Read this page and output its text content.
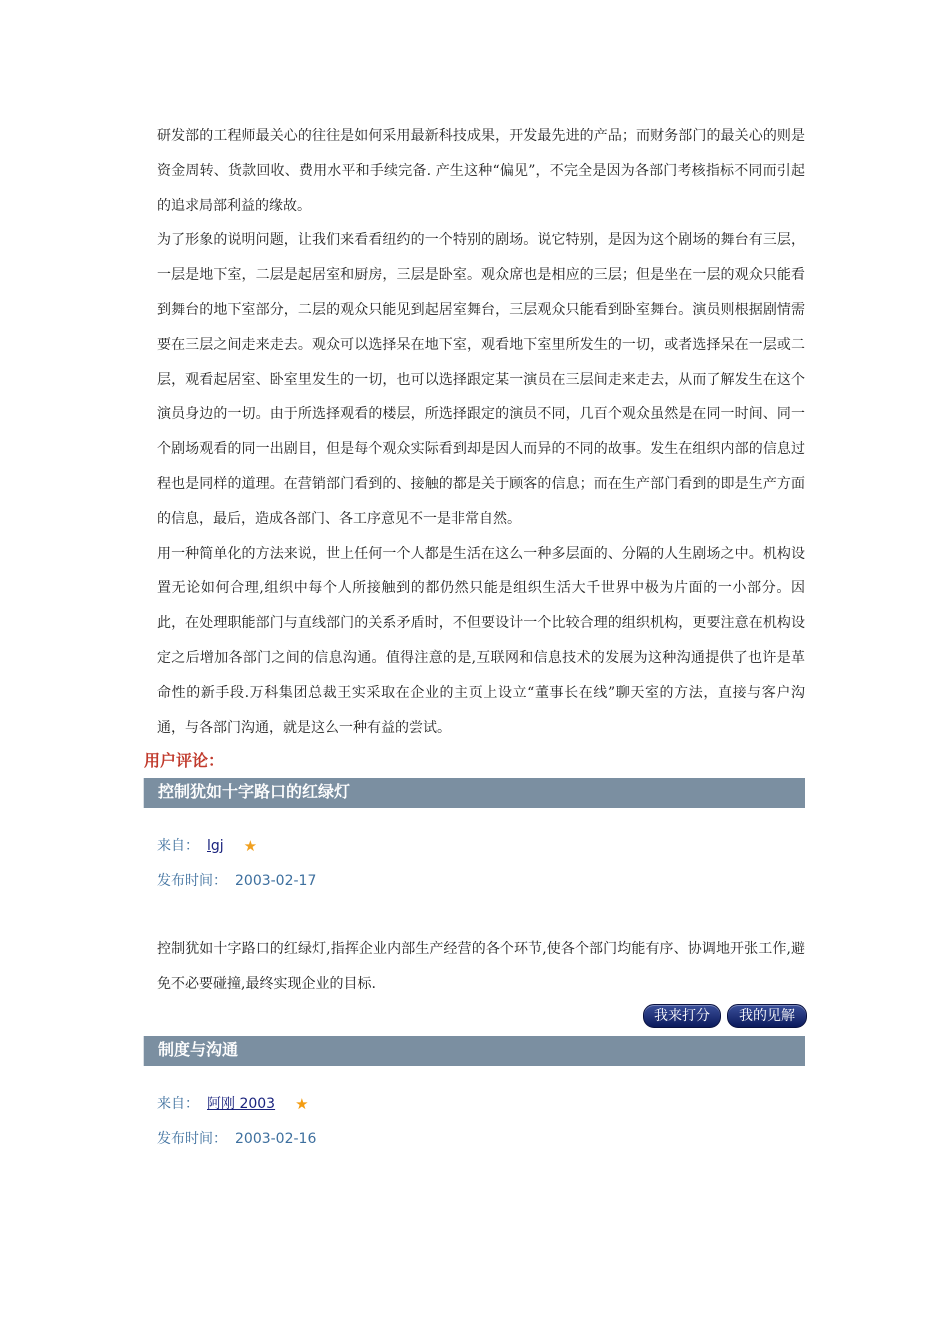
研发部的工程师最关心的往往是如何采用最新科技成果，开发最先进的产品；而财务部门的最关心的则是资金周转、货款回收、费用水平和手续完备. 产生这种“偏见”，不完全是因为各部门考核指标不同而引起的追求局部利益的缘故。

为了形象的说明问题，让我们来看看纽约的一个特别的剧场。说它特别，是因为这个剧场的舞台有三层，一层是地下室，二层是起居室和厨房，三层是卧室。观众席也是相应的三层；但是坐在一层的观众只能看到舞台的地下室部分，二层的观众只能见到起居室舞台，三层观众只能看到卧室舞台。演员则根据剧情需要在三层之间走来走去。观众可以选择呆在地下室，观看地下室里所发生的一切，或者选择呆在一层或二层，观看起居室、卧室里发生的一切，也可以选择跟定某一演员在三层间走来走去，从而了解发生在这个演员身边的一切。由于所选择观看的楼层，所选择跟定的演员不同，几百个观众虽然是在同一时间、同一个剧场观看的同一出剧目，但是每个观众实际看到却是因人而异的不同的故事。发生在组织内部的信息过程也是同样的道理。在营销部门看到的、接触的都是关于顾客的信息；而在生产部门看到的即是生产方面的信息，最后，造成各部门、各工序意见不一是非常自然。

用一种简单化的方法来说，世上任何一个人都是生活在这么一种多层面的、分隔的人生剧场之中。机构设置无论如何合理,组织中每个人所接触到的都仍然只能是组织生活大千世界中极为片面的一小部分。因此，在处理职能部门与直线部门的关系矛盾时，不但要设计一个比较合理的组织机构，更要注意在机构设定之后增加各部门之间的信息沟通。值得注意的是,互联网和信息技术的发展为这种沟通提供了也许是革命性的新手段.万科集团总裁王实采取在企业的主页上设立“董事长在线”聊天室的方法，直接与客户沟通，与各部门沟通，就是这么一种有益的尝试。

用户评论：
控制犹如十字路口的红绿灯
来自： lgj ★
发布时间： 2003-02-17

控制犹如十字路口的红绿灯,指挥企业内部生产经营的各个环节,使各个部门均能有序、协调地开张工作,避免不必要碰撞,最终实现企业的目标.

我来打分	我的见解
制度与沟通
来自： 阿刚 2003 ★
发布时间： 2003-02-16
